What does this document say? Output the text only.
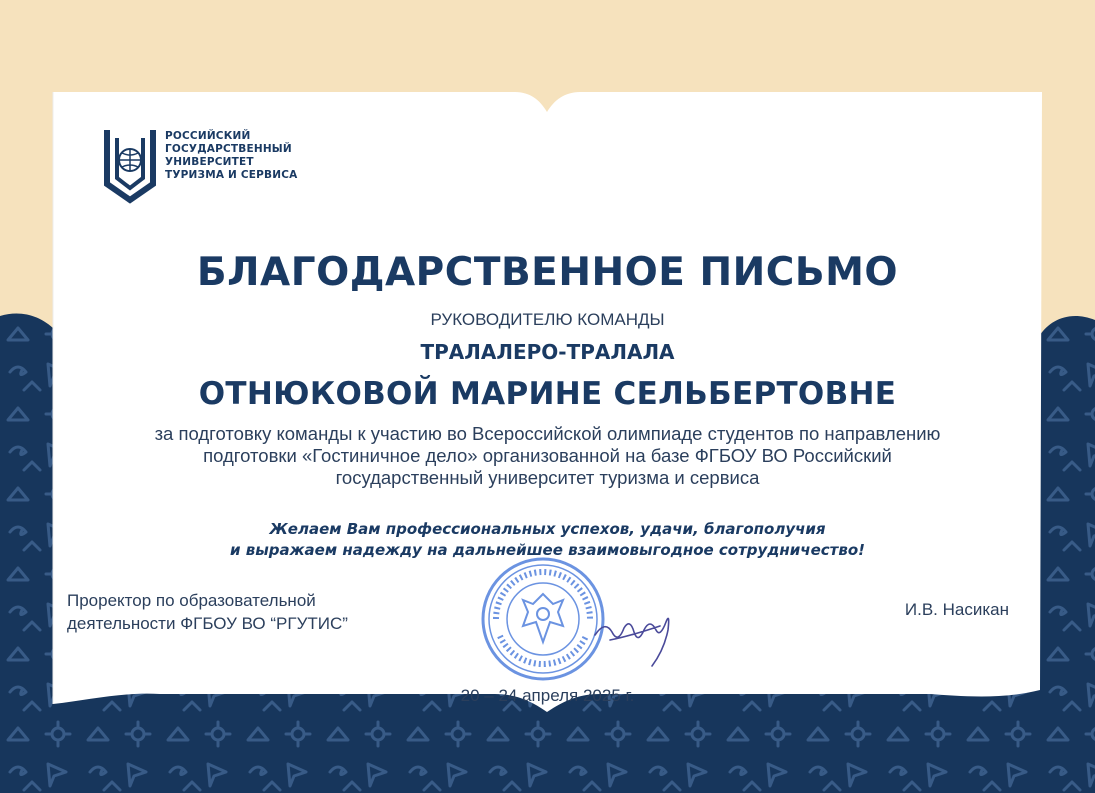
РОССИЙСКИЙ
ГОСУДАРСТВЕННЫЙ
УНИВЕРСИТЕТ
ТУРИЗМА И СЕРВИСА
БЛАГОДАРСТВЕННОЕ ПИСЬМО
РУКОВОДИТЕЛЮ КОМАНДЫ
ТРАЛАЛЕРО-ТРАЛАЛА
ОТНЮКОВОЙ МАРИНЕ СЕЛЬБЕРТОВНЕ
за подготовку команды к участию во Всероссийской олимпиаде студентов по направлению
подготовки «Гостиничное дело» организованной на базе ФГБОУ ВО Российский
государственный университет туризма и сервиса
Желаем Вам профессиональных успехов, удачи, благополучия
и выражаем надежду на дальнейшее взаимовыгодное сотрудничество!
Проректор по образовательной
деятельности ФГБОУ ВО “РГУТИС”
И.В. Насикан
20 – 24 апреля 2025 г.
